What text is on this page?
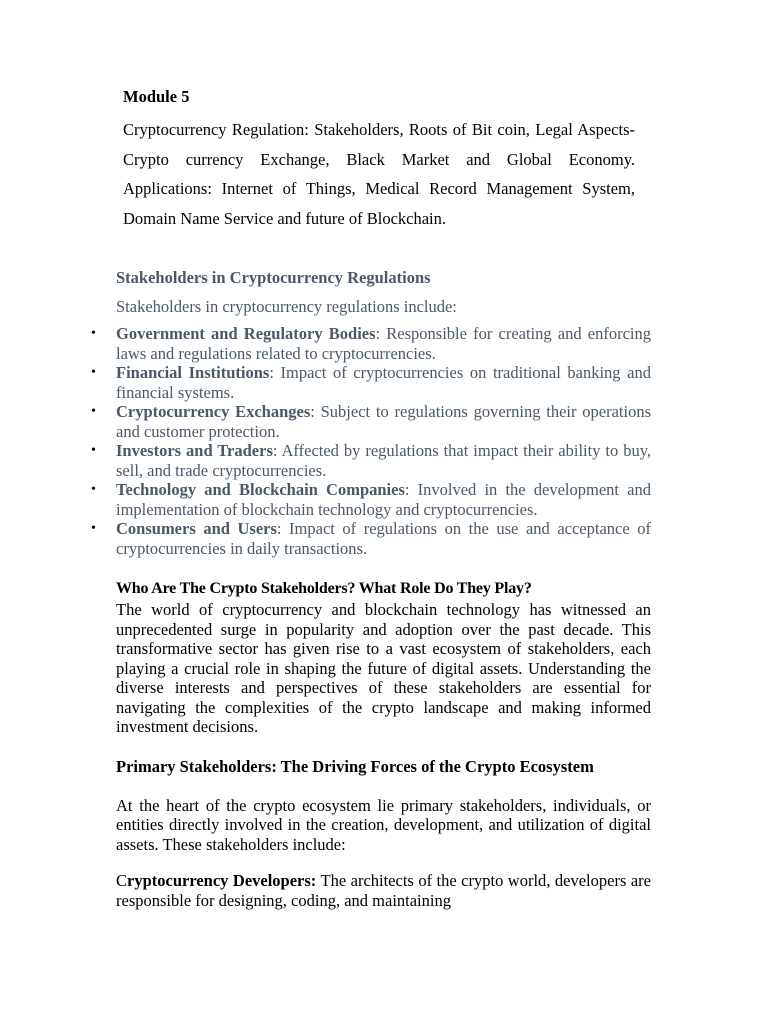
Module 5

Cryptocurrency Regulation: Stakeholders, Roots of Bit coin, Legal Aspects-Crypto currency Exchange, Black Market and Global Economy. Applications: Internet of Things, Medical Record Management System, Domain Name Service and future of Blockchain.

Stakeholders in Cryptocurrency Regulations

Stakeholders in cryptocurrency regulations include:

• Government and Regulatory Bodies: Responsible for creating and enforcing laws and regulations related to cryptocurrencies.
• Financial Institutions: Impact of cryptocurrencies on traditional banking and financial systems.
• Cryptocurrency Exchanges: Subject to regulations governing their operations and customer protection.
• Investors and Traders: Affected by regulations that impact their ability to buy, sell, and trade cryptocurrencies.
• Technology and Blockchain Companies: Involved in the development and implementation of blockchain technology and cryptocurrencies.
• Consumers and Users: Impact of regulations on the use and acceptance of cryptocurrencies in daily transactions.

Who Are The Crypto Stakeholders? What Role Do They Play?

The world of cryptocurrency and blockchain technology has witnessed an unprecedented surge in popularity and adoption over the past decade. This transformative sector has given rise to a vast ecosystem of stakeholders, each playing a crucial role in shaping the future of digital assets. Understanding the diverse interests and perspectives of these stakeholders are essential for navigating the complexities of the crypto landscape and making informed investment decisions.

Primary Stakeholders: The Driving Forces of the Crypto Ecosystem

At the heart of the crypto ecosystem lie primary stakeholders, individuals, or entities directly involved in the creation, development, and utilization of digital assets. These stakeholders include:

Cryptocurrency Developers: The architects of the crypto world, developers are responsible for designing, coding, and maintaining
